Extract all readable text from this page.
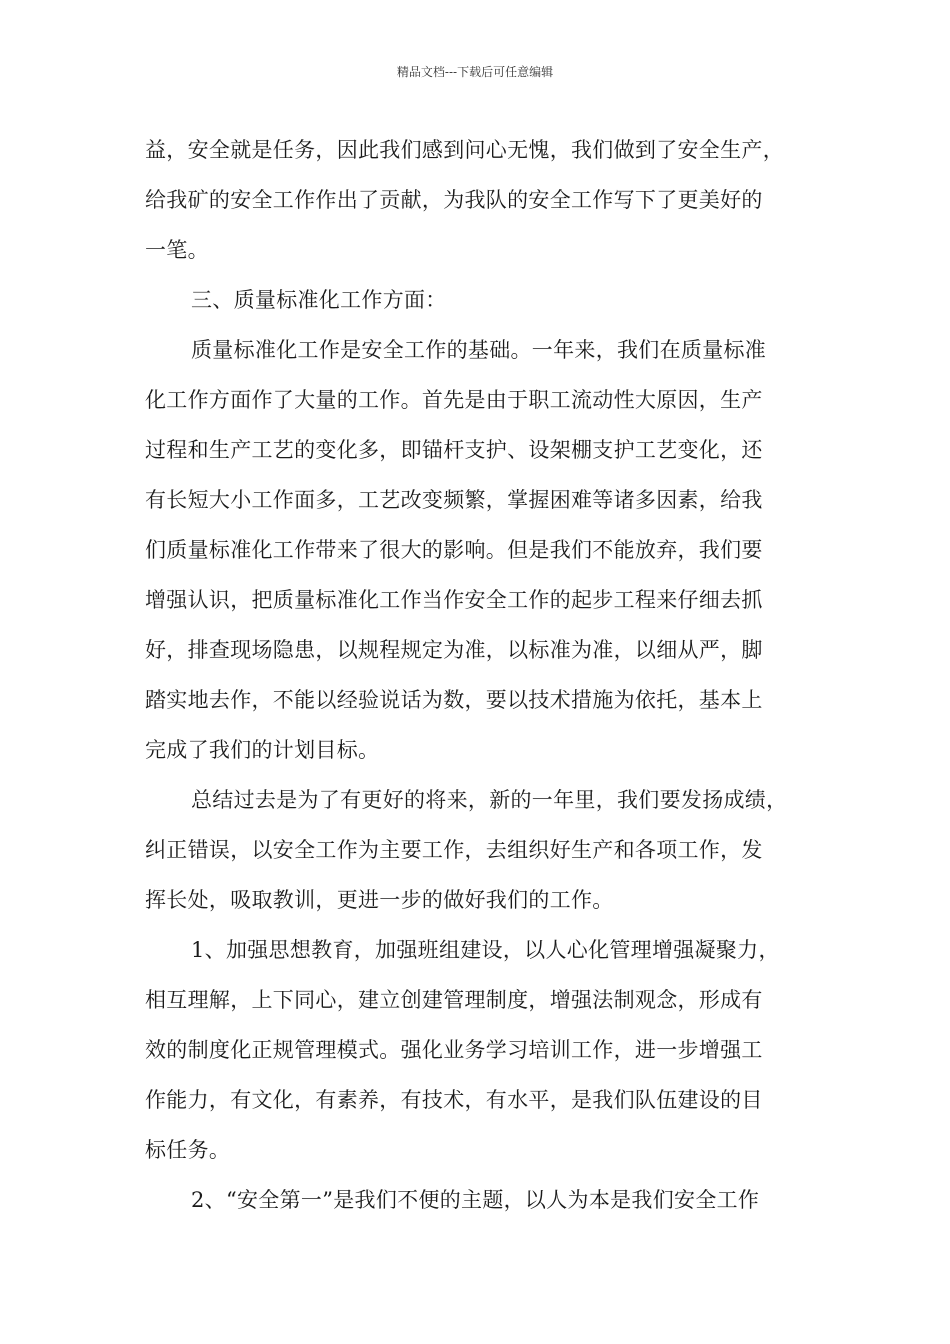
精品文档---下载后可任意编辑
益，安全就是任务，因此我们感到问心无愧，我们做到了安全生产，
给我矿的安全工作作出了贡献，为我队的安全工作写下了更美好的
一笔。
三、质量标准化工作方面：
质量标准化工作是安全工作的基础。一年来，我们在质量标准
化工作方面作了大量的工作。首先是由于职工流动性大原因，生产
过程和生产工艺的变化多，即锚杆支护、设架棚支护工艺变化，还
有长短大小工作面多，工艺改变频繁，掌握困难等诸多因素，给我
们质量标准化工作带来了很大的影响。但是我们不能放弃，我们要
增强认识，把质量标准化工作当作安全工作的起步工程来仔细去抓
好，排查现场隐患，以规程规定为准，以标准为准，以细从严，脚
踏实地去作，不能以经验说话为数，要以技术措施为依托，基本上
完成了我们的计划目标。
总结过去是为了有更好的将来，新的一年里，我们要发扬成绩，
纠正错误，以安全工作为主要工作，去组织好生产和各项工作，发
挥长处，吸取教训，更进一步的做好我们的工作。
1、加强思想教育，加强班组建设，以人心化管理增强凝聚力，
相互理解，上下同心，建立创建管理制度，增强法制观念，形成有
效的制度化正规管理模式。强化业务学习培训工作，进一步增强工
作能力，有文化，有素养，有技术，有水平，是我们队伍建设的目
标任务。
2、“安全第一”是我们不便的主题，以人为本是我们安全工作
